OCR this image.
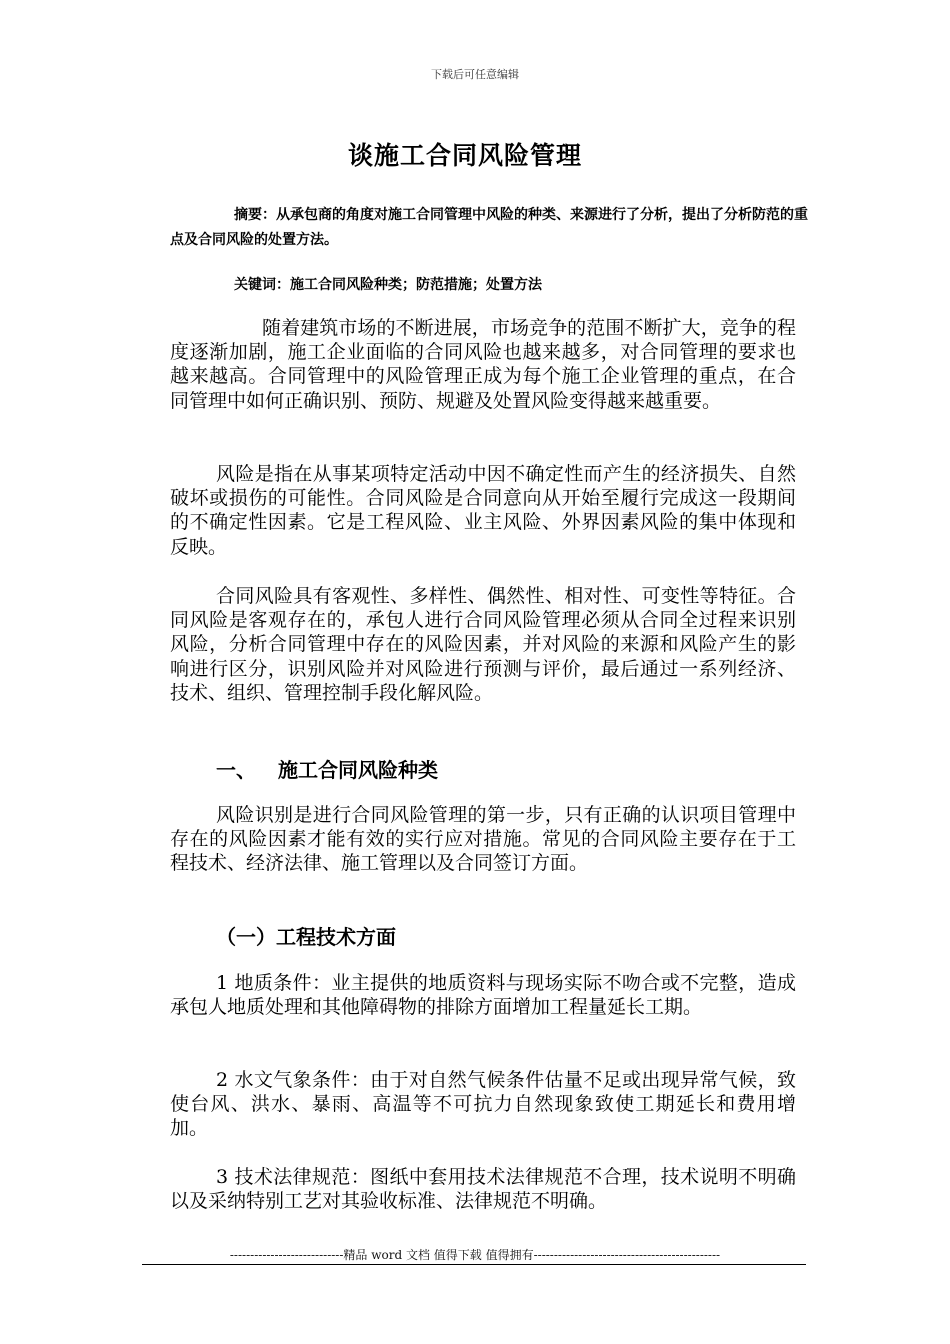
下载后可任意编辑
谈施工合同风险管理
摘要：从承包商的角度对施工合同管理中风险的种类、来源进行了分析，提出了分析防范的重点及合同风险的处置方法。
关键词：施工合同风险种类；防范措施；处置方法

随着建筑市场的不断进展，市场竞争的范围不断扩大，竞争的程度逐渐加剧，施工企业面临的合同风险也越来越多，对合同管理的要求也越来越高。合同管理中的风险管理正成为每个施工企业管理的重点，在合同管理中如何正确识别、预防、规避及处置风险变得越来越重要。

风险是指在从事某项特定活动中因不确定性而产生的经济损失、自然破坏或损伤的可能性。合同风险是合同意向从开始至履行完成这一段期间的不确定性因素。它是工程风险、业主风险、外界因素风险的集中体现和反映。

合同风险具有客观性、多样性、偶然性、相对性、可变性等特征。合同风险是客观存在的，承包人进行合同风险管理必须从合同全过程来识别风险，分析合同管理中存在的风险因素，并对风险的来源和风险产生的影响进行区分，识别风险并对风险进行预测与评价，最后通过一系列经济、技术、组织、管理控制手段化解风险。

一、 施工合同风险种类

风险识别是进行合同风险管理的第一步，只有正确的认识项目管理中存在的风险因素才能有效的实行应对措施。常见的合同风险主要存在于工程技术、经济法律、施工管理以及合同签订方面。

（一）工程技术方面

1 地质条件：业主提供的地质资料与现场实际不吻合或不完整，造成承包人地质处理和其他障碍物的排除方面增加工程量延长工期。

2 水文气象条件：由于对自然气候条件估量不足或出现异常气候，致使台风、洪水、暴雨、高温等不可抗力自然现象致使工期延长和费用增加。

3 技术法律规范：图纸中套用技术法律规范不合理，技术说明不明确以及采纳特别工艺对其验收标准、法律规范不明确。

----------------------------精品 word 文档 值得下载 值得拥有----------------------------------------------
